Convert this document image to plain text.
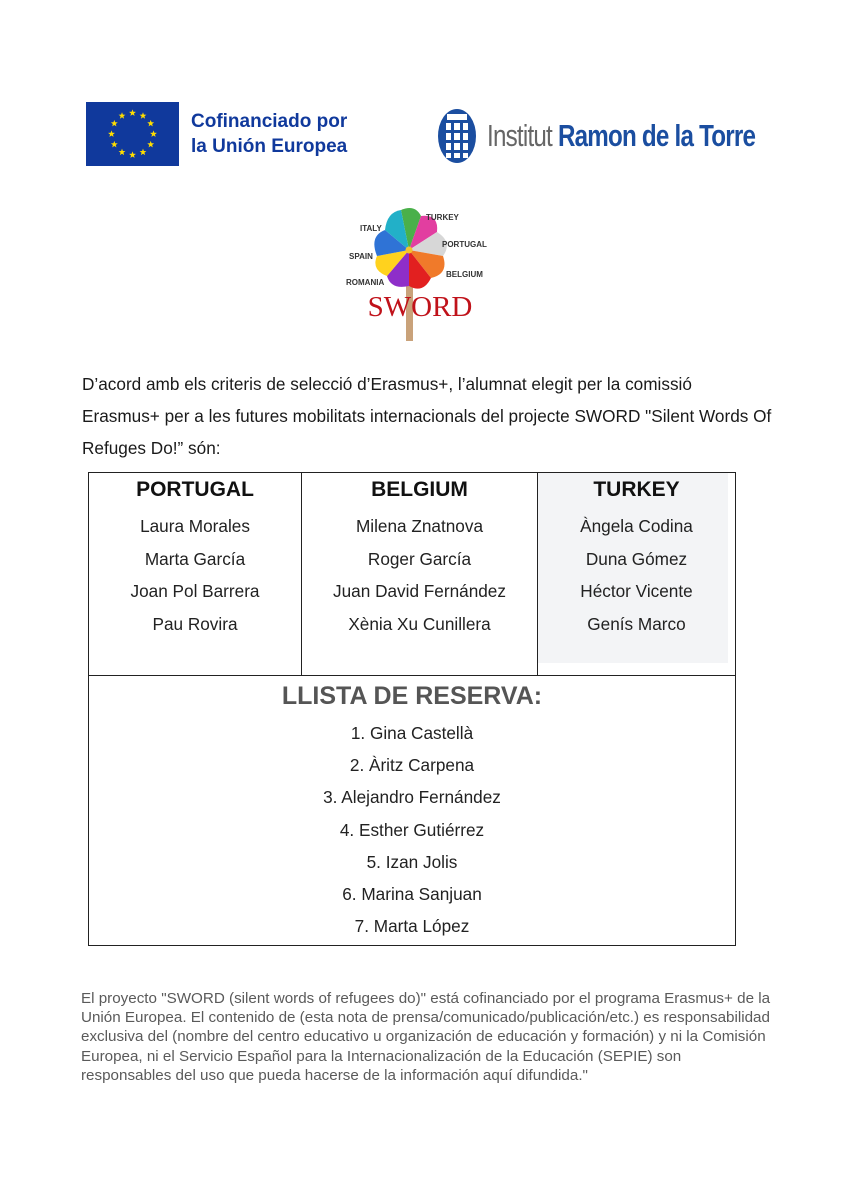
Cofinanciado por
la Unión Europea	Institut Ramon de la Torre
TURKEY
ITALY
PORTUGAL
SPAIN
BELGIUM
ROMANIA
SWORD
D’acord amb els criteris de selecció d’Erasmus+, l’alumnat elegit per la comissió Erasmus+ per a les futures mobilitats internacionals del projecte SWORD "Silent Words Of Refuges Do!” són:
PORTUGAL
Laura Morales
Marta García
Joan Pol Barrera
Pau Rovira
BELGIUM
Milena Znatnova
Roger García
Juan David Fernández
Xènia Xu Cunillera
TURKEY
Àngela Codina
Duna Gómez
Héctor Vicente
Genís Marco
LLISTA DE RESERVA:
1. Gina Castellà
2. Àritz Carpena
3. Alejandro Fernández
4. Esther Gutiérrez
5. Izan Jolis
6. Marina Sanjuan
7. Marta López
El proyecto "SWORD (silent words of refugees do)" está cofinanciado por el programa Erasmus+ de la Unión Europea. El contenido de (esta nota de prensa/comunicado/publicación/etc.) es responsabilidad exclusiva del (nombre del centro educativo u organización de educación y formación) y ni la Comisión Europea, ni el Servicio Español para la Internacionalización de la Educación (SEPIE) son responsables del uso que pueda hacerse de la información aquí difundida."
